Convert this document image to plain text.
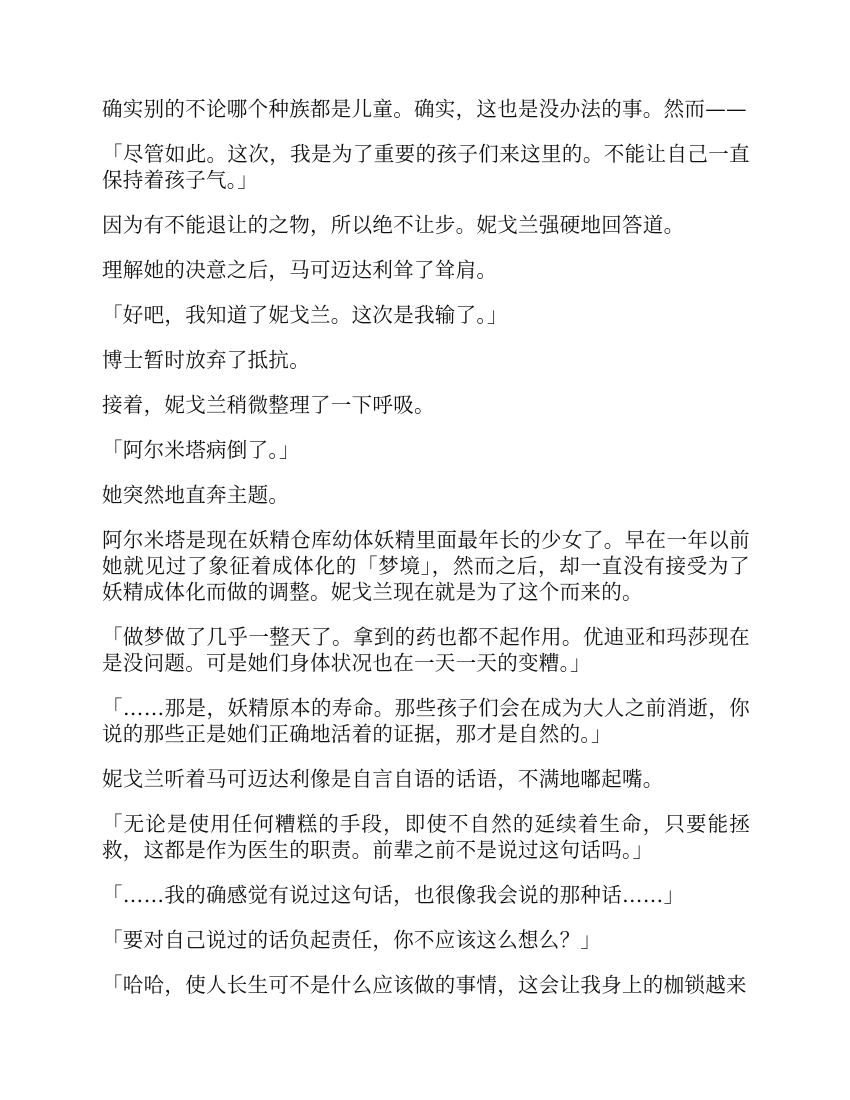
确实别的不论哪个种族都是儿童。确实，这也是没办法的事。然而——

「尽管如此。这次，我是为了重要的孩子们来这里的。不能让自己一直保持着孩子气。」

因为有不能退让的之物，所以绝不让步。妮戈兰强硬地回答道。

理解她的决意之后，马可迈达利耸了耸肩。

「好吧，我知道了妮戈兰。这次是我输了。」

博士暂时放弃了抵抗。

接着，妮戈兰稍微整理了一下呼吸。

「阿尔米塔病倒了。」

她突然地直奔主题。

阿尔米塔是现在妖精仓库幼体妖精里面最年长的少女了。早在一年以前她就见过了象征着成体化的「梦境」，然而之后，却一直没有接受为了妖精成体化而做的调整。妮戈兰现在就是为了这个而来的。

「做梦做了几乎一整天了。拿到的药也都不起作用。优迪亚和玛莎现在是没问题。可是她们身体状况也在一天一天的变糟。」

「……那是，妖精原本的寿命。那些孩子们会在成为大人之前消逝，你说的那些正是她们正确地活着的证据，那才是自然的。」

妮戈兰听着马可迈达利像是自言自语的话语，不满地嘟起嘴。

「无论是使用任何糟糕的手段，即使不自然的延续着生命，只要能拯救，这都是作为医生的职责。前辈之前不是说过这句话吗。」

「……我的确感觉有说过这句话，也很像我会说的那种话……」

「要对自己说过的话负起责任，你不应该这么想么？」

「哈哈，使人长生可不是什么应该做的事情，这会让我身上的枷锁越来
